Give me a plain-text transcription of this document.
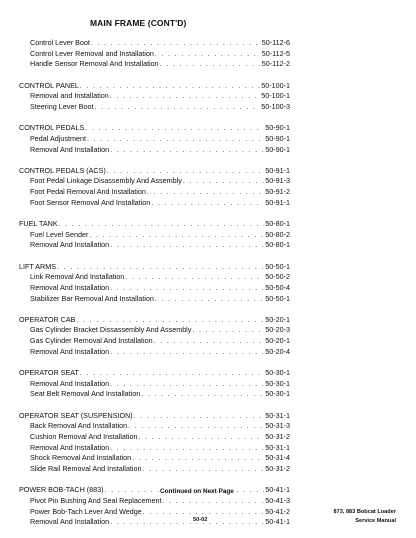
MAIN FRAME (CONT'D)
Control Lever Boot . . .	50-112-6
Control Lever Removal and Installation . . .	50-112-5
Handle Sensor Removal And Installation . . .	50-112-2
CONTROL PANEL . . .	50-100-1
Removal and Installation . . .	50-100-1
Steering Lever Boot . . .	50-100-3
CONTROL PEDALS . . .	50-90-1
Pedal Adjustment . . .	50-90-1
Removal And Installation . . .	50-90-1
CONTROL PEDALS (ACS) . . .	50-91-1
Foot Pedal Linkage Disassembly And Assembly . . .	50-91-3
Foot Pedal Removal And Installation . . .	50-91-2
Foot Sensor Removal And Installation . . .	50-91-1
FUEL TANK . . .	50-80-1
Fuel Level Sender . . .	50-80-2
Removal And Installation . . .	50-80-1
LIFT ARMS . . .	50-50-1
Link Removal And Installation . . .	50-50-2
Removal And Installation . . .	50-50-4
Stabilizer Bar Removal And Installation . . .	50-50-1
OPERATOR CAB . . .	50-20-1
Gas Cylinder Bracket Dissassembly And Assembly . . .	50-20-3
Gas Cylinder Removal And Installation . . .	50-20-1
Removal And Installation . . .	50-20-4
OPERATOR SEAT . . .	50-30-1
Removal And Installation . . .	50-30-1
Seat Belt Removal And Installation . . .	50-30-1
OPERATOR SEAT (SUSPENSION) . . .	50-31-1
Back Removal And Installation . . .	50-31-3
Cushion Removal And Installation . . .	50-31-2
Removal And Installation . . .	50-31-1
Shock Removal And Installation . . .	50-31-4
Slide Rail Removal And Installation . . .	50-31-2
POWER BOB-TACH (883) . . .	50-41-1
Pivot Pin Bushing And Seal Replacement . . .	50-41-3
Power Bob-Tach Lever And Wedge . . .	50-41-2
Removal And Installation . . .	50-41-1
Continued on Next Page
50-02
873, 883 Bobcat Loader
Service Manual
